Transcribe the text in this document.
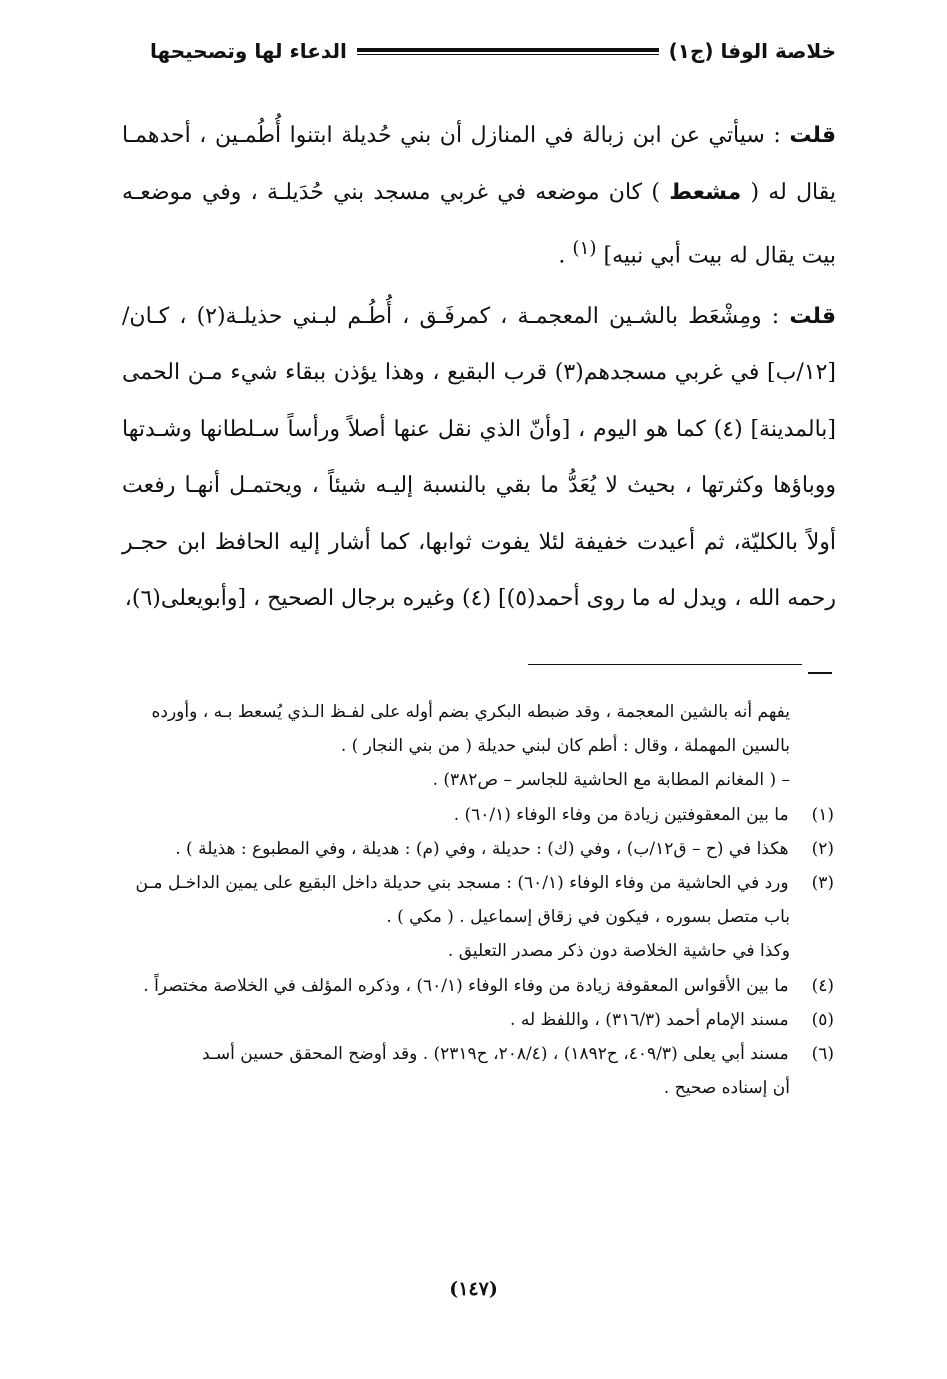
خلاصة الوفا (ج١)
الدعاء لها وتصحيحها

قلت : سيأتي عن ابن زبالة في المنازل أن بني حُديلة ابتنوا أُطُمـين ، أحدهمـا يقال له ( مشعط ) كان موضعه في غربي مسجد بني حُدَيلـة ، وفي موضعـه بيت يقال له بيت أبي نبيه] $^{(١)}$ .

قلت : ومِشْعَط بالشـين المعجمـة ، كمرفَـق ، أُطُـم لبـني حذيلـة(٢) ، كـان/ [١٢/ب] في غربي مسجدهم(٣) قرب البقيع ، وهذا يؤذن ببقاء شيء مـن الحمى [بالمدينة] (٤) كما هو اليوم ، [وأنّ الذي نقل عنها أصلاً ورأساً سـلطانها وشـدتها ووباؤها وكثرتها ، بحيث لا يُعَدُّ ما بقي بالنسبة إليـه شيئاً ، ويحتمـل أنهـا رفعت أولاً بالكليّة، ثم أعيدت خفيفة لئلا يفوت ثوابها، كما أشار إليه الحافظ ابن حجـر رحمه الله ، ويدل له ما روى أحمد(٥)] (٤) وغيره برجال الصحيح ، [وأبويعلى(٦)،

يفهم أنه بالشين المعجمة ، وقد ضبطه البكري بضم أوله على لفـظ الـذي يُسعط بـه ، وأورده

بالسين المهملة ، وقال : أطم كان لبني حديلة ( من بني النجار ) .

– ( المغانم المطابة مع الحاشية للجاسر – ص٣٨٢) .

(١) ما بين المعقوفتين زيادة من وفاء الوفاء (٦٠/١) .

(٢) هكذا في (ح – ق١٢/ب) ، وفي (ك) : حديلة ، وفي (م) : هديلة ، وفي المطبوع : هذيلة ) .

(٣) ورد في الحاشية من وفاء الوفاء (٦٠/١) : مسجد بني حديلة داخل البقيع على يمين الداخـل مـن

باب متصل بسوره ، فيكون في زقاق إسماعيل . ( مكي ) .

وكذا في حاشية الخلاصة دون ذكر مصدر التعليق .

(٤) ما بين الأقواس المعقوفة زيادة من وفاء الوفاء (٦٠/١) ، وذكره المؤلف في الخلاصة مختصراً .

(٥) مسند الإمام أحمد (٣١٦/٣) ، واللفظ له .

(٦) مسند أبي يعلى (٤٠٩/٣، ح١٨٩٢) ، (٢٠٨/٤، ح٢٣١٩) . وقد أوضح المحقق حسين أسـد

أن إسناده صحيح .

(١٤٧)
